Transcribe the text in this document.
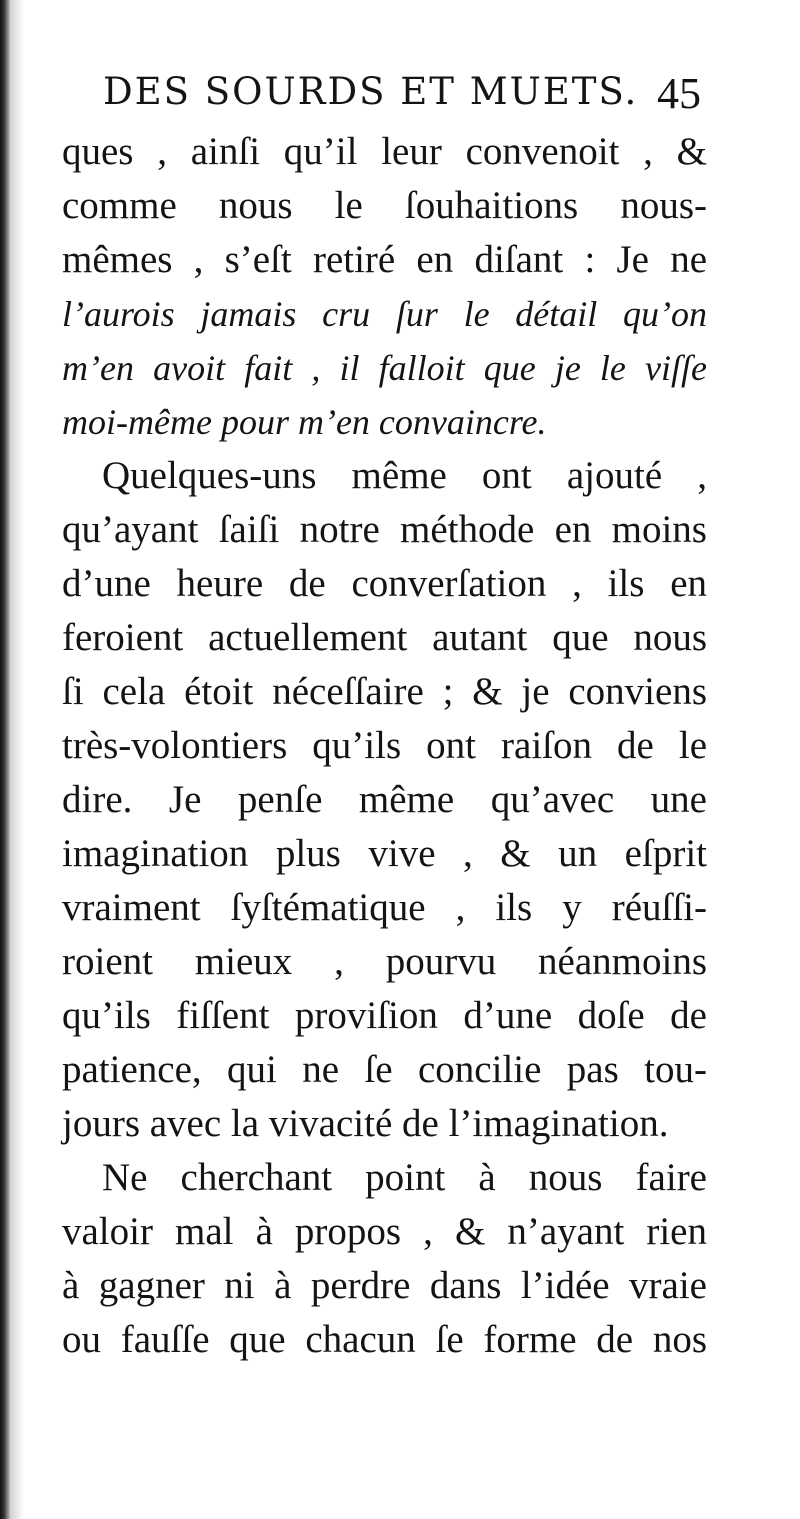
DES SOURDS ET MUETS. 45
ques , ainſi qu’il leur convenoit , &
comme nous le ſouhaitions nous-
mêmes , s’eſt retiré en diſant : Je ne
l’aurois jamais cru ſur le détail qu’on
m’en avoit fait , il falloit que je le viſſe
moi-même pour m’en convaincre.
Quelques-uns même ont ajouté ,
qu’ayant ſaiſi notre méthode en moins
d’une heure de converſation , ils en
feroient actuellement autant que nous
ſi cela étoit néceſſaire ; & je conviens
très-volontiers qu’ils ont raiſon de le
dire. Je penſe même qu’avec une
imagination plus vive , & un eſprit
vraiment ſyſtématique , ils y réuſſi-
roient mieux , pourvu néanmoins
qu’ils fiſſent proviſion d’une doſe de
patience, qui ne ſe concilie pas tou-
jours avec la vivacité de l’imagination.
Ne cherchant point à nous faire
valoir mal à propos , & n’ayant rien
à gagner ni à perdre dans l’idée vraie
ou fauſſe que chacun ſe forme de nos
